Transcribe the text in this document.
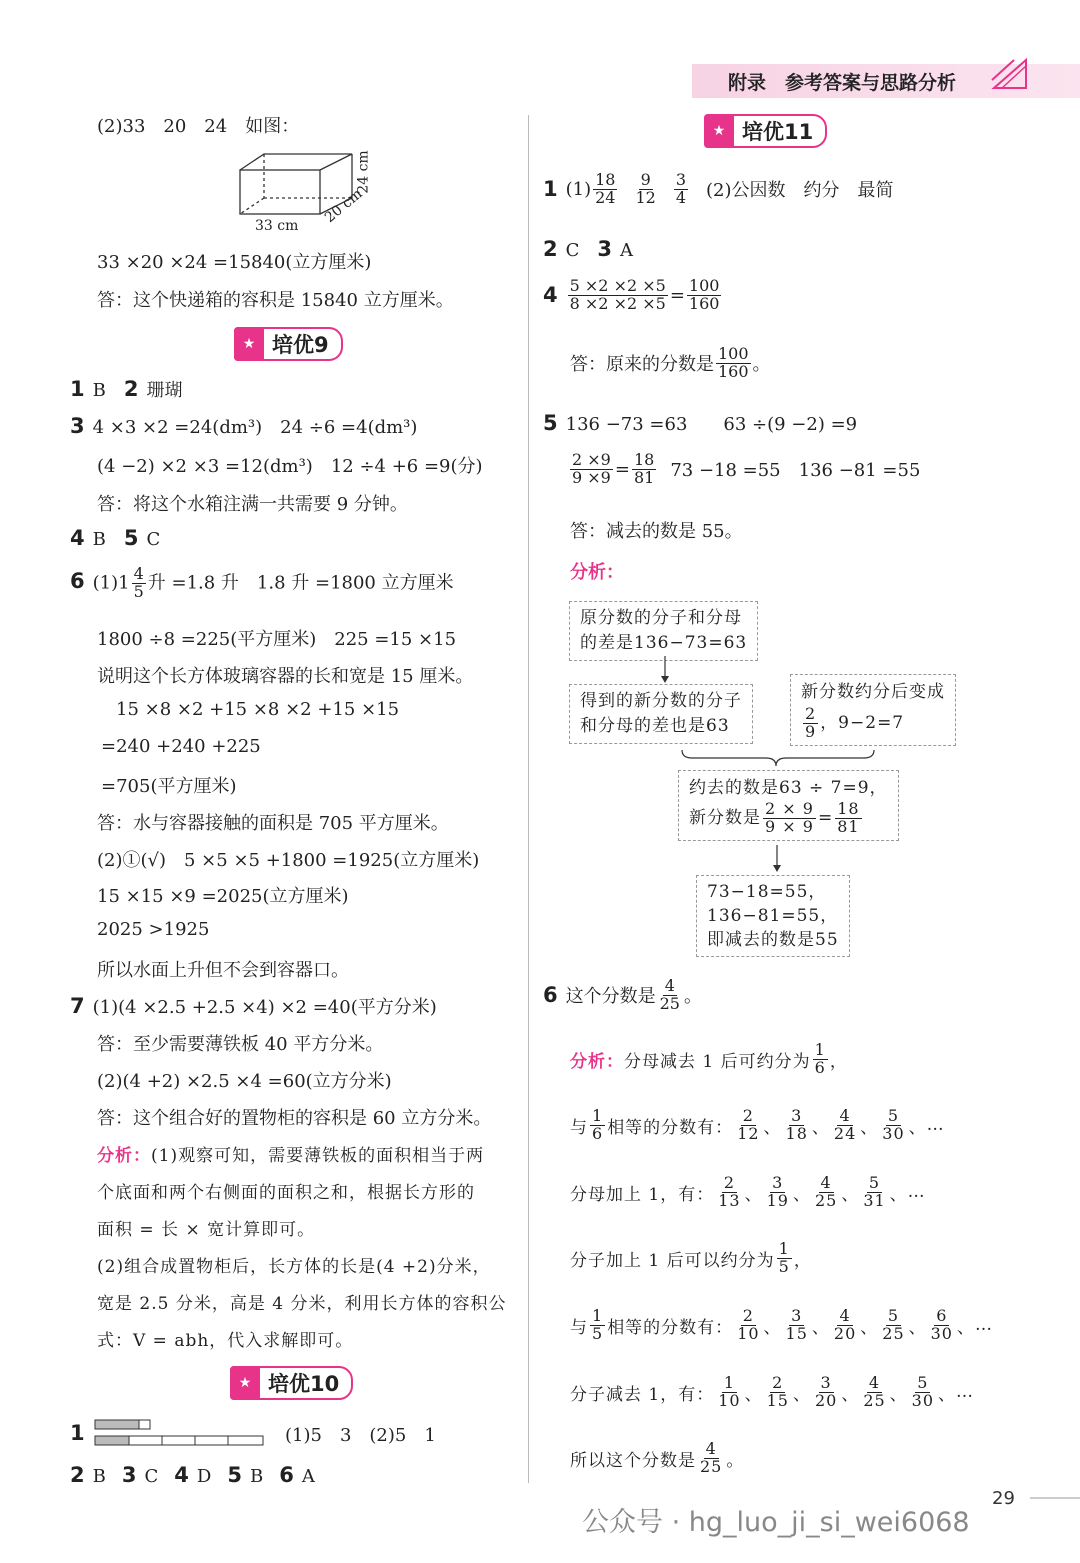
附录　参考答案与思路分析
(2)33　20　24　如图：
33 cm 20 cm
24 cm
33 ×20 ×24 =15840(立方厘米)
答：这个快递箱的容积是 15840 立方厘米。
★ 培优9
1 B 2 珊瑚
3 4 ×3 ×2 =24(dm³)　24 ÷6 =4(dm³)
(4 −2) ×2 ×3 =12(dm³)　12 ÷4 +6 =9(分)
答：将这个水箱注满一共需要 9 分钟。
4 B 5 C
6 $(1)1 \frac{4}{5}$ 升 =1.8 升　1.8 升 =1800 立方厘米
1800 ÷8 =225(平方厘米)　225 =15 ×15
说明这个长方体玻璃容器的长和宽是 15 厘米。
15 ×8 ×2 +15 ×8 ×2 +15 ×15
=240 +240 +225
=705(平方厘米)
答：水与容器接触的面积是 705 平方厘米。
(2)①(√)　5 ×5 ×5 +1800 =1925(立方厘米)
15 ×15 ×9 =2025(立方厘米)
2025 >1925
所以水面上升但不会到容器口。
7 (1)(4 ×2.5 +2.5 ×4) ×2 =40(平方分米)
答：至少需要薄铁板 40 平方分米。
(2)(4 +2) ×2.5 ×4 =60(立方分米)
答：这个组合好的置物柜的容积是 60 立方分米。
分析：(1)观察可知，需要薄铁板的面积相当于两
个底面和两个右侧面的面积之和，根据长方形的
面积 = 长 × 宽计算即可。
(2)组合成置物柜后，长方体的长是(4 +2)分米，
宽是 2.5 分米，高是 4 分米，利用长方体的容积公
式：V = abh，代入求解即可。
★ 培优10
1	(1)5　3　(2)5　1
2 B 3 C 4 D 5 B 6 A
★ 培优11
1 (1) 18
24
9
12
3
4 (2)公因数　约分　最简
2 C 3 A
$4 \frac{5 \times 2 \times 2 \times 5}{8 \times 2 \times 2 \times 5} = \frac{100}{160}$
答：原来的分数是
100
160 。
5 136 −73 =63　　63 ÷(9 −2) =9
$\frac{2 \times 9}{9 \times 9} = \frac{18}{81} 73 -18 =55$　136 −81 =55
答：减去的数是 55。
分析：
原分数的分子和分母
的差是136−73=63
得到的新分数的分子
和分母的差也是63
新分数约分后变成
2
9 ，9−2=7
约去的数是63 ÷ 7=9，
新分数是 $\frac{2 \times 9}{9 \times 9} = \frac{18}{81}$
73−18=55，
136−81=55，
即减去的数是55
6 这个分数是
4
25 。
分析： 分母减去 1 后可约分为
1
6 ，
与
1
6 相等的分数有：
2
12 、
3
18 、
4
24 、
5
30 、 …
分母加上 1，有：
2
13 、
3
19 、
4
25 、
5
31 、 …
分子加上 1 后可以约分为
1
5 ，
与
1
5 相等的分数有：
2
10 、
3
15 、
4
20 、
5
25 、
6
30 、 …
分子减去 1，有：
1
10 、
2
15 、
3
20 、
4
25 、
5
30 、 …
所以这个分数是
4
25 。
29
公众号 · hg_luo_ji_si_wei6068
